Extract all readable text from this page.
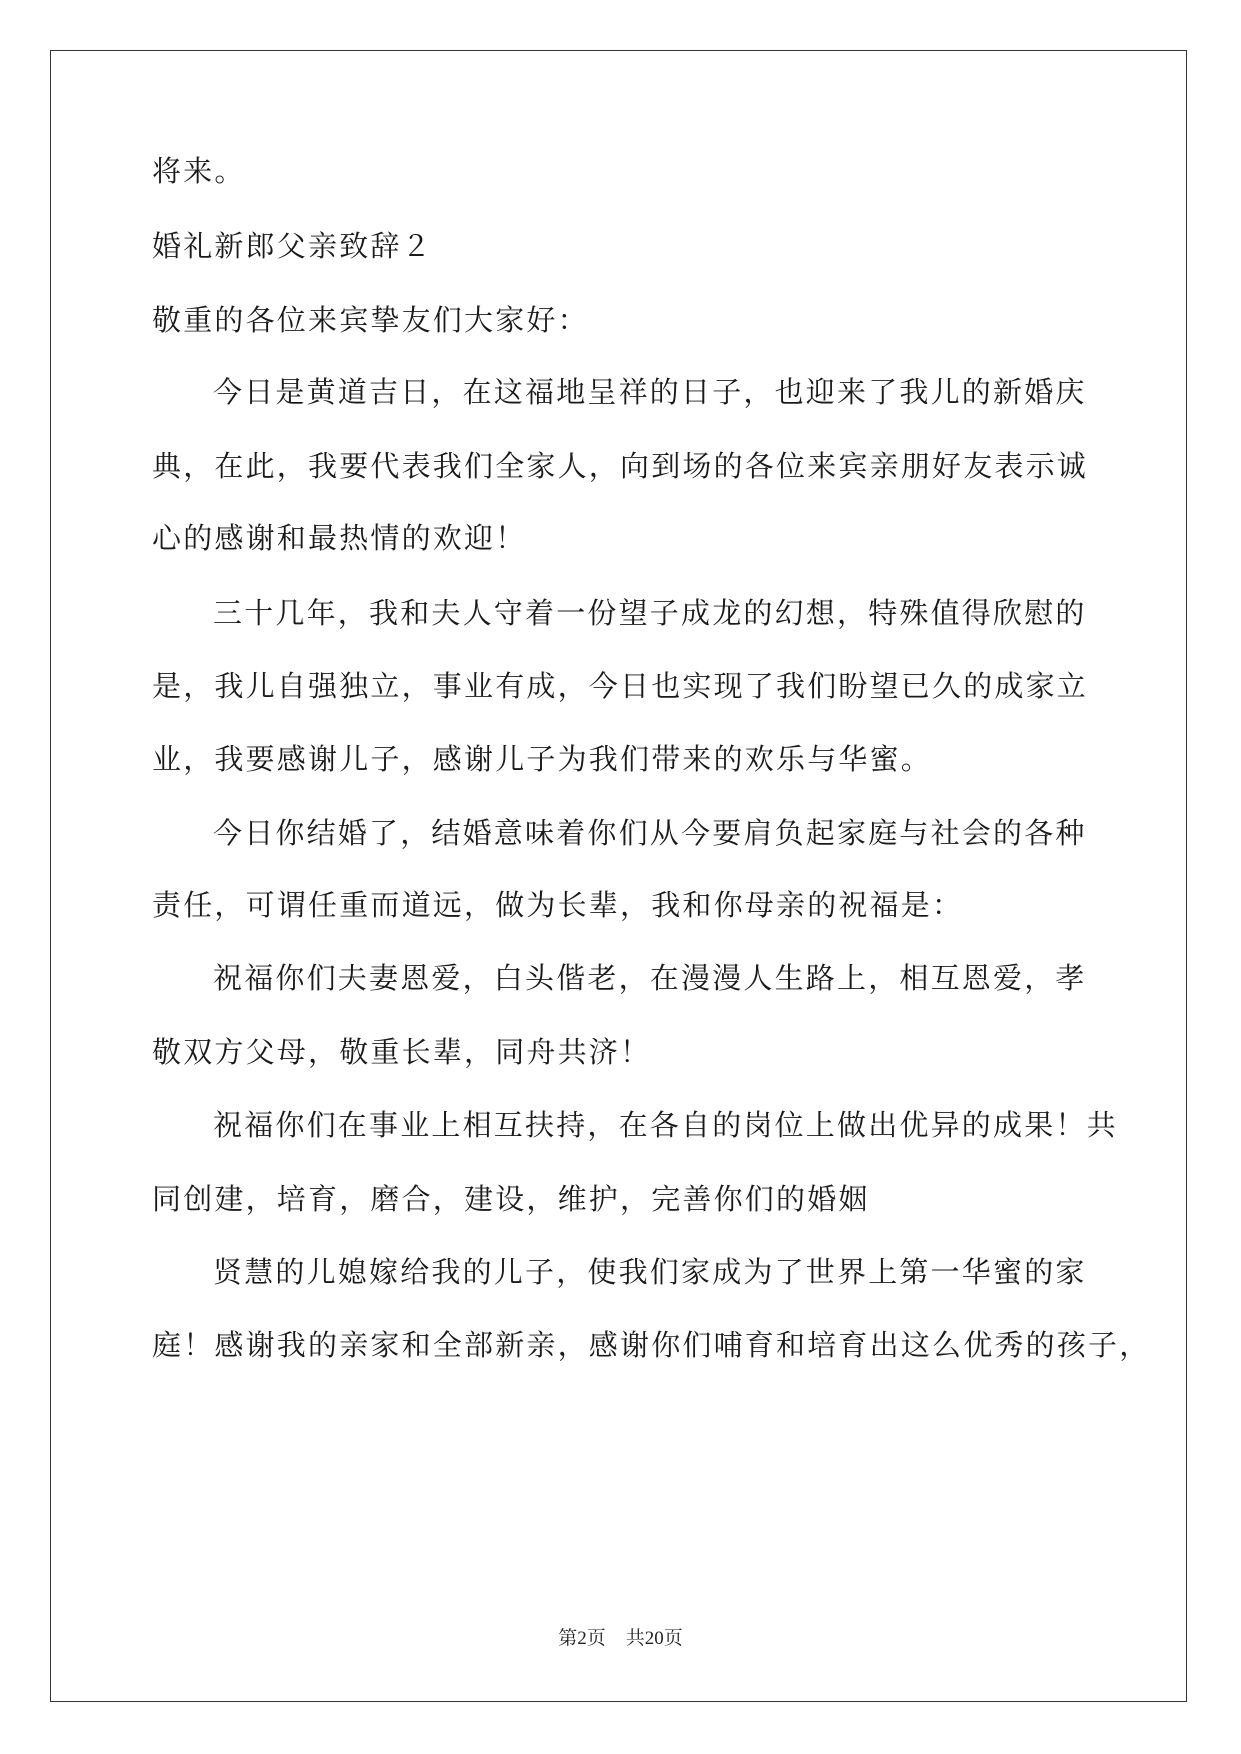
将来。
婚礼新郎父亲致辞２
敬重的各位来宾挚友们大家好：
今日是黄道吉日，在这福地呈祥的日子，也迎来了我儿的新婚庆
典，在此，我要代表我们全家人，向到场的各位来宾亲朋好友表示诚
心的感谢和最热情的欢迎！
三十几年，我和夫人守着一份望子成龙的幻想，特殊值得欣慰的
是，我儿自强独立，事业有成，今日也实现了我们盼望已久的成家立
业，我要感谢儿子，感谢儿子为我们带来的欢乐与华蜜。
今日你结婚了，结婚意味着你们从今要肩负起家庭与社会的各种
责任，可谓任重而道远，做为长辈，我和你母亲的祝福是：
祝福你们夫妻恩爱，白头偕老，在漫漫人生路上，相互恩爱，孝
敬双方父母，敬重长辈，同舟共济！
祝福你们在事业上相互扶持，在各自的岗位上做出优异的成果！共
同创建，培育，磨合，建设，维护，完善你们的婚姻
贤慧的儿媳嫁给我的儿子，使我们家成为了世界上第一华蜜的家
庭！感谢我的亲家和全部新亲，感谢你们哺育和培育出这么优秀的孩子，
第2页 共20页
